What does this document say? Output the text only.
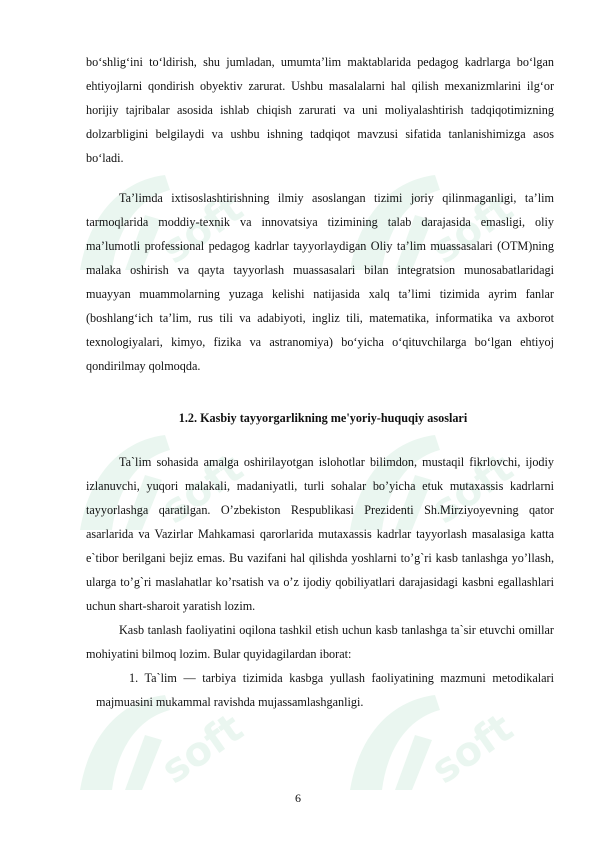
soft	soft
soft	soft
soft	soft

bo‘shlig‘ini to‘ldirish, shu jumladan, umumta’lim maktablarida pedagog kadrlarga bo‘lgan ehtiyojlarni qondirish obyektiv zarurat. Ushbu masalalarni hal qilish mexanizmlarini ilg‘or horijiy tajribalar asosida ishlab chiqish zarurati va uni moliyalashtirish tadqiqotimizning dolzarbligini belgilaydi va ushbu ishning tadqiqot mavzusi sifatida tanlanishimizga asos bo‘ladi.

Ta’limda ixtisoslashtirishning ilmiy asoslangan tizimi joriy qilinmaganligi, ta’lim tarmoqlarida moddiy-texnik va innovatsiya tizimining talab darajasida emasligi, oliy ma’lumotli professional pedagog kadrlar tayyorlaydigan Oliy ta’lim muassasalari (OTM)ning malaka oshirish va qayta tayyorlash muassasalari bilan integratsion munosabatlaridagi muayyan muammolarning yuzaga kelishi natijasida xalq ta’limi tizimida ayrim fanlar (boshlang‘ich ta’lim, rus tili va adabiyoti, ingliz tili, matematika, informatika va axborot texnologiyalari, kimyo, fizika va astranomiya) bo‘yicha o‘qituvchilarga bo‘lgan ehtiyoj qondirilmay qolmoqda.

1.2. Kasbiy tayyorgarlikning me'yoriy-huquqiy asoslari

Ta`lim sohasida amalga oshirilayotgan islohotlar bilimdon, mustaqil fikrlovchi, ijodiy izlanuvchi, yuqori malakali, madaniyatli, turli sohalar bo’yicha etuk mutaxassis kadrlarni tayyorlashga qaratilgan. O’zbekiston Respublikasi Prezidenti Sh.Mirziyoyevning qator asarlarida va Vazirlar Mahkamasi qarorlarida mutaxassis kadrlar tayyorlash masalasiga katta e`tibor berilgani bejiz emas. Bu vazifani hal qilishda yoshlarni to’g`ri kasb tanlashga yo’llash, ularga to’g`ri maslahatlar ko’rsatish va o’z ijodiy qobiliyatlari darajasidagi kasbni egallashlari uchun shart-sharoit yaratish lozim.

Kasb tanlash faoliyatini oqilona tashkil etish uchun kasb tanlashga ta`sir etuvchi omillar mohiyatini bilmoq lozim. Bular quyidagilardan iborat:

1. Ta`lim — tarbiya tizimida kasbga yullash faoliyatining mazmuni metodikalari majmuasini mukammal ravishda mujassamlashganligi.

6
